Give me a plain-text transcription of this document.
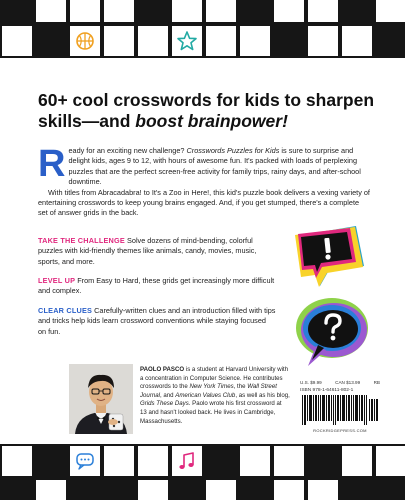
60+ cool crosswords for kids to sharpen
skills—and boost brainpower!

Ready for an exciting new challenge? Crosswords Puzzles for Kids is sure to surprise and delight kids, ages 9 to 12, with hours of awesome fun. It's packed with loads of perplexing puzzles that are the perfect screen-free activity for family trips, rainy days, and after-school downtime.

With titles from Abracadabra! to It's a Zoo in Here!, this kid's puzzle book delivers a vexing variety of entertaining crosswords to keep young brains engaged. And, if you get stumped, there's a complete set of answer grids in the back.

TAKE THE CHALLENGE Solve dozens of mind-bending, colorful puzzles with kid-friendly themes like animals, candy, movies, music, sports, and more.
LEVEL UP From Easy to Hard, these grids get increasingly more difficult and complex.
CLEAR CLUES Carefully-written clues and an introduction filled with tips and tricks help kids learn crossword conventions while staying focused on fun.
PAOLO PASCO is a student at Harvard University with a concentration in Computer Science. He contributes crosswords to the New York Times, the Wall Street Journal, and American Values Club, as well as his blog, Grids These Days. Paolo wrote his first crossword at 13 and hasn't looked back. He lives in Cambridge, Massachusetts.
U.S. $9.99	CAN $13.99	RB
ISBN 978-1-64611-802-1
ROCKRIDGEPRESS.COM
